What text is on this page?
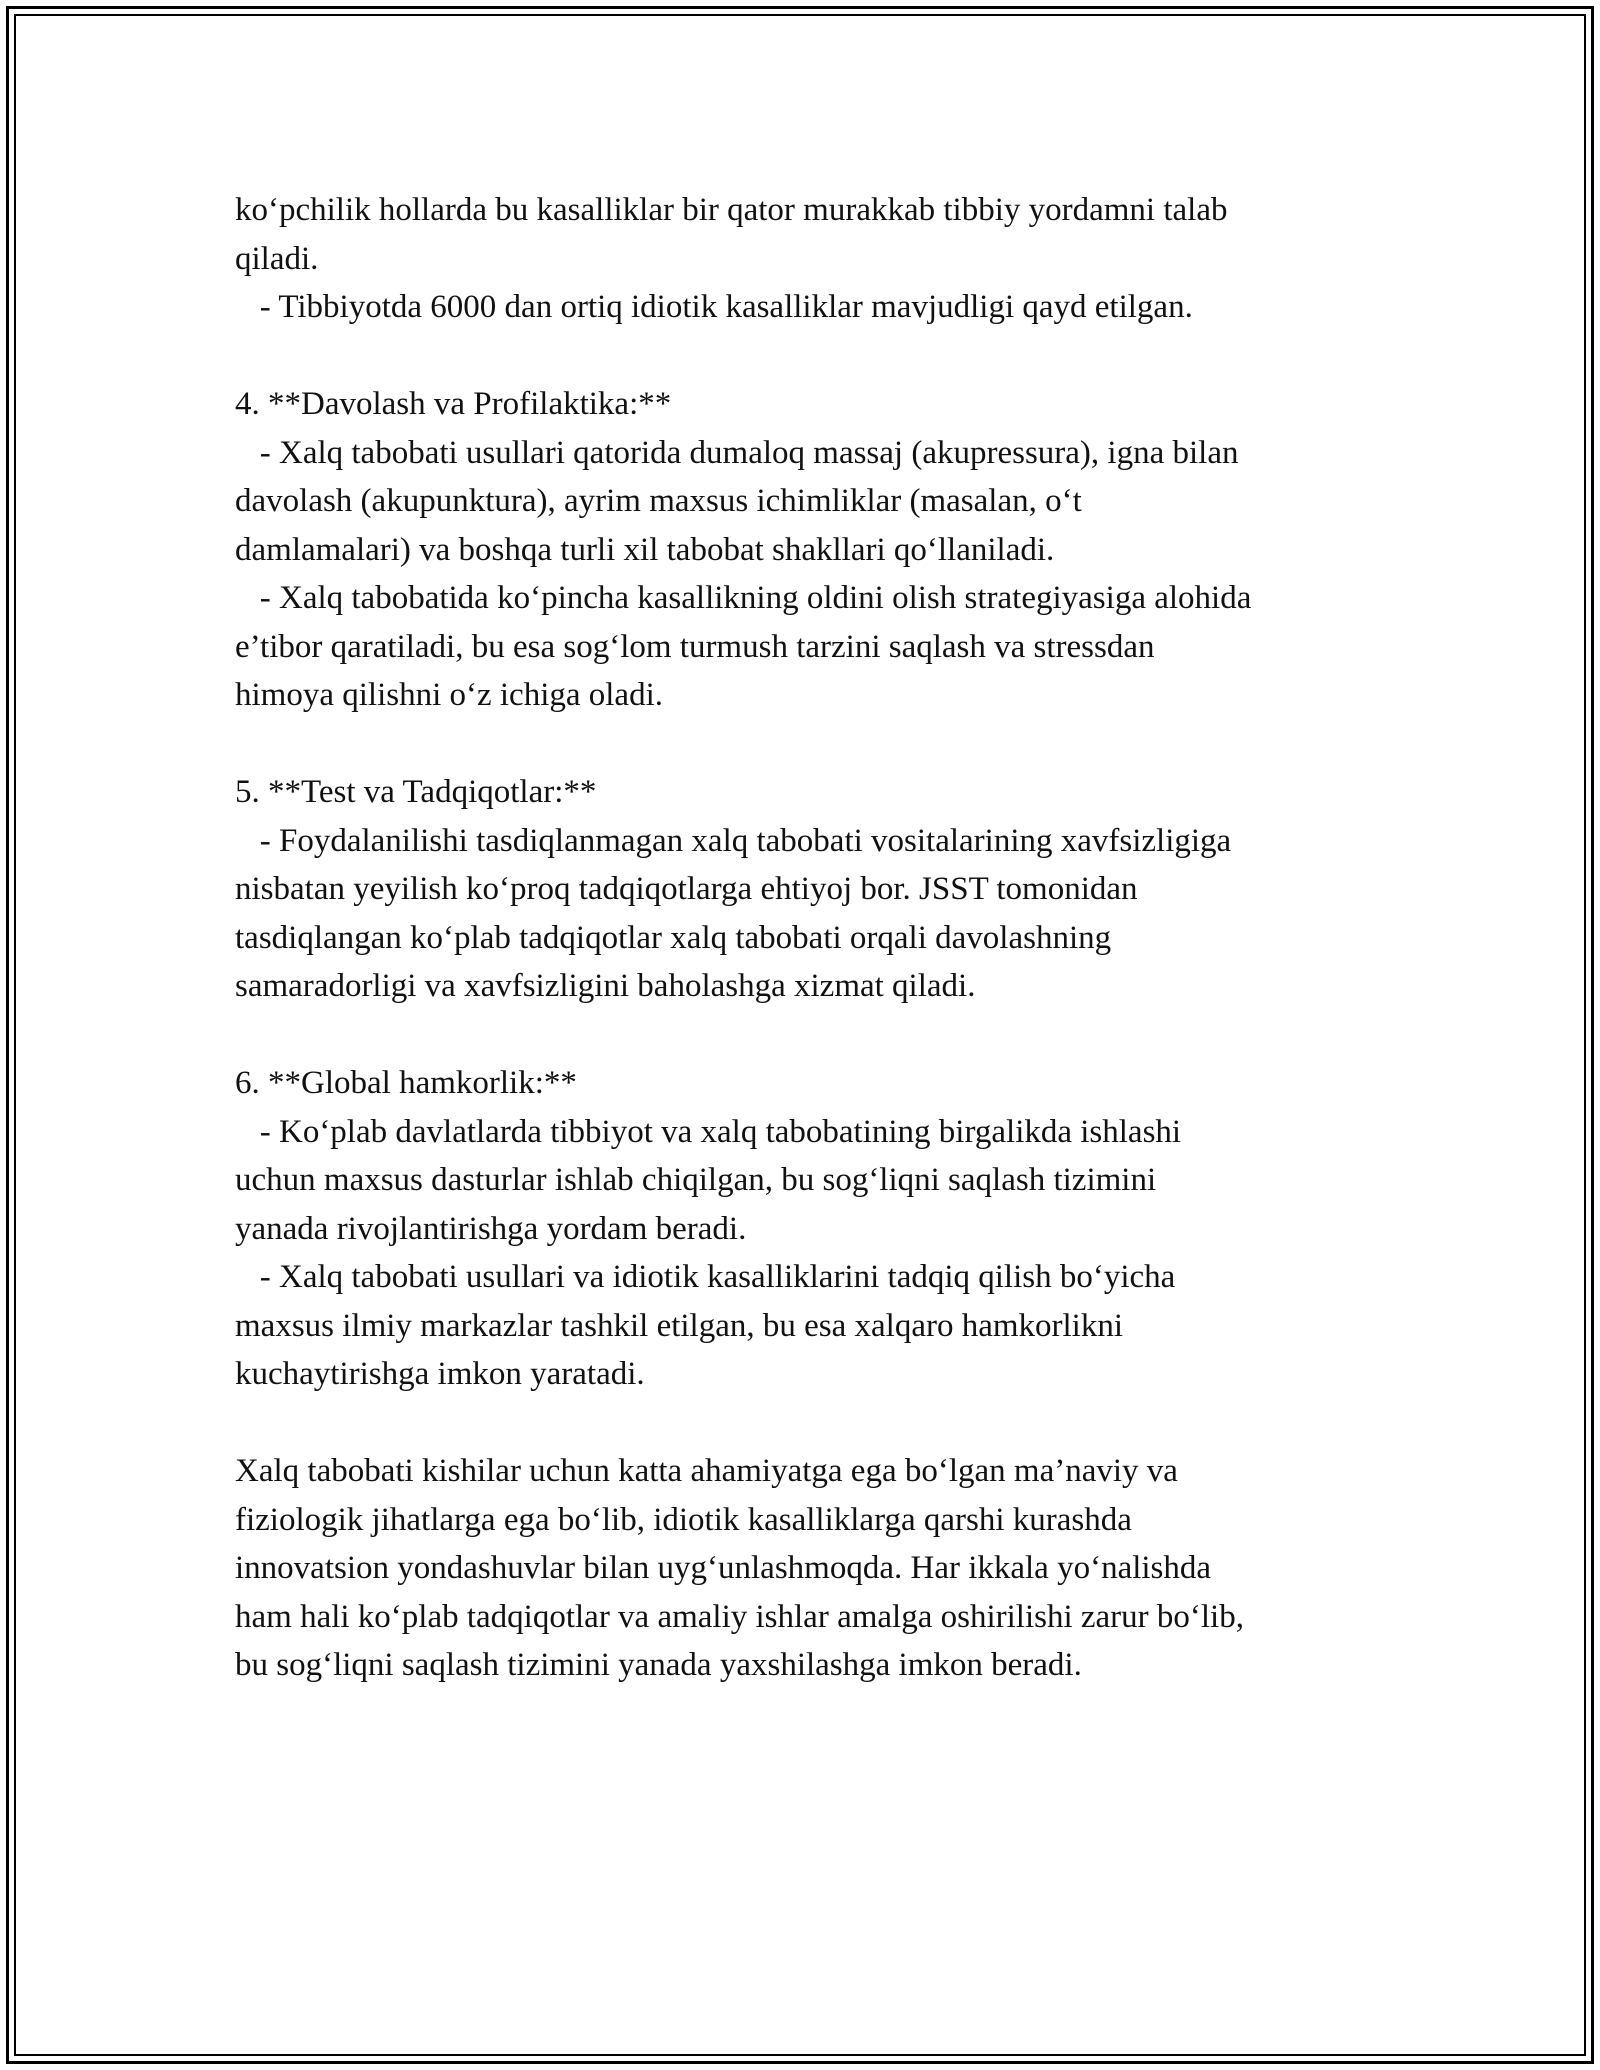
ko‘pchilik hollarda bu kasalliklar bir qator murakkab tibbiy yordamni talab

qiladi.

- Tibbiyotda 6000 dan ortiq idiotik kasalliklar mavjudligi qayd etilgan.

4. **Davolash va Profilaktika:**

- Xalq tabobati usullari qatorida dumaloq massaj (akupressura), igna bilan

davolash (akupunktura), ayrim maxsus ichimliklar (masalan, o‘t

damlamalari) va boshqa turli xil tabobat shakllari qo‘llaniladi.

- Xalq tabobatida ko‘pincha kasallikning oldini olish strategiyasiga alohida

e’tibor qaratiladi, bu esa sog‘lom turmush tarzini saqlash va stressdan

himoya qilishni o‘z ichiga oladi.

5. **Test va Tadqiqotlar:**

- Foydalanilishi tasdiqlanmagan xalq tabobati vositalarining xavfsizligiga

nisbatan yeyilish ko‘proq tadqiqotlarga ehtiyoj bor. JSST tomonidan

tasdiqlangan ko‘plab tadqiqotlar xalq tabobati orqali davolashning

samaradorligi va xavfsizligini baholashga xizmat qiladi.

6. **Global hamkorlik:**

- Ko‘plab davlatlarda tibbiyot va xalq tabobatining birgalikda ishlashi

uchun maxsus dasturlar ishlab chiqilgan, bu sog‘liqni saqlash tizimini

yanada rivojlantirishga yordam beradi.

- Xalq tabobati usullari va idiotik kasalliklarini tadqiq qilish bo‘yicha

maxsus ilmiy markazlar tashkil etilgan, bu esa xalqaro hamkorlikni

kuchaytirishga imkon yaratadi.

Xalq tabobati kishilar uchun katta ahamiyatga ega bo‘lgan ma’naviy va

fiziologik jihatlarga ega bo‘lib, idiotik kasalliklarga qarshi kurashda

innovatsion yondashuvlar bilan uyg‘unlashmoqda. Har ikkala yo‘nalishda

ham hali ko‘plab tadqiqotlar va amaliy ishlar amalga oshirilishi zarur bo‘lib,

bu sog‘liqni saqlash tizimini yanada yaxshilashga imkon beradi.
